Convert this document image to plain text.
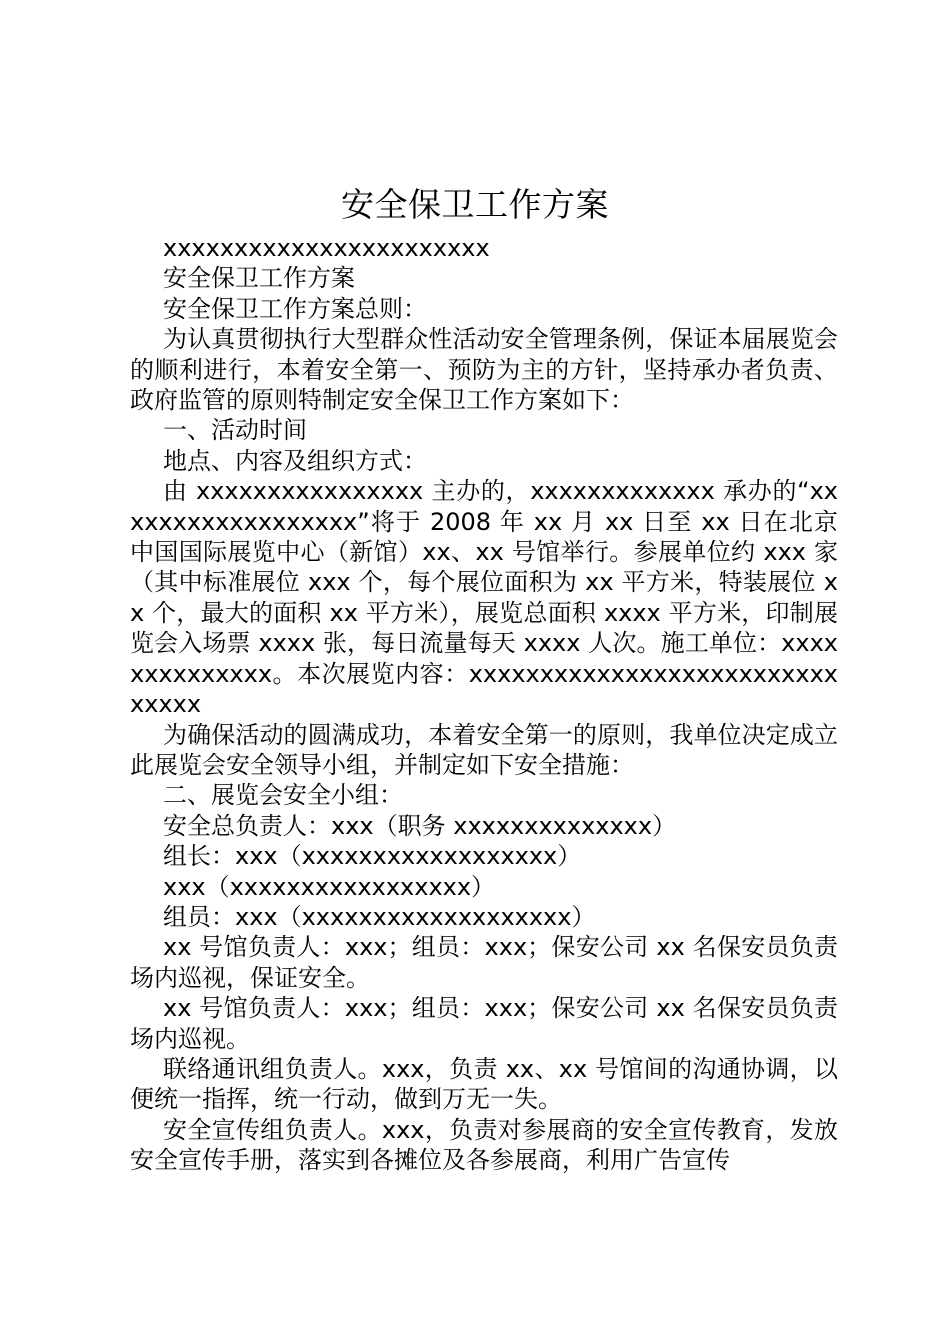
安全保卫工作方案

xxxxxxxxxxxxxxxxxxxxxxx

安全保卫工作方案

安全保卫工作方案总则：

为认真贯彻执行大型群众性活动安全管理条例，保证本届展览会的顺利进行，本着安全第一、预防为主的方针，坚持承办者负责、政府监管的原则特制定安全保卫工作方案如下：

一、活动时间

地点、内容及组织方式：

由 xxxxxxxxxxxxxxxx 主办的，xxxxxxxxxxxxx 承办的“xxxxxxxxxxxxxxxxxx”将于 2008 年 xx 月 xx 日至 xx 日在北京中国国际展览中心（新馆）xx、xx 号馆举行。参展单位约 xxx 家（其中标准展位 xxx 个，每个展位面积为 xx 平方米，特装展位 xx 个，最大的面积 xx 平方米），展览总面积 xxxx 平方米，印制展览会入场票 xxxx 张，每日流量每天 xxxx 人次。施工单位：xxxxxxxxxxxxxx。本次展览内容：xxxxxxxxxxxxxxxxxxxxxxxxxxxxxxx

为确保活动的圆满成功，本着安全第一的原则，我单位决定成立此展览会安全领导小组，并制定如下安全措施：

二、展览会安全小组：

安全总负责人：xxx（职务 xxxxxxxxxxxxxx）

组长：xxx（xxxxxxxxxxxxxxxxxx）

xxx（xxxxxxxxxxxxxxxxx）

组员：xxx（xxxxxxxxxxxxxxxxxxx）

xx 号馆负责人：xxx；组员：xxx；保安公司 xx 名保安员负责场内巡视，保证安全。

xx 号馆负责人：xxx；组员：xxx；保安公司 xx 名保安员负责场内巡视。

联络通讯组负责人。xxx，负责 xx、xx 号馆间的沟通协调，以便统一指挥，统一行动，做到万无一失。

安全宣传组负责人。xxx，负责对参展商的安全宣传教育，发放安全宣传手册，落实到各摊位及各参展商，利用广告宣传
